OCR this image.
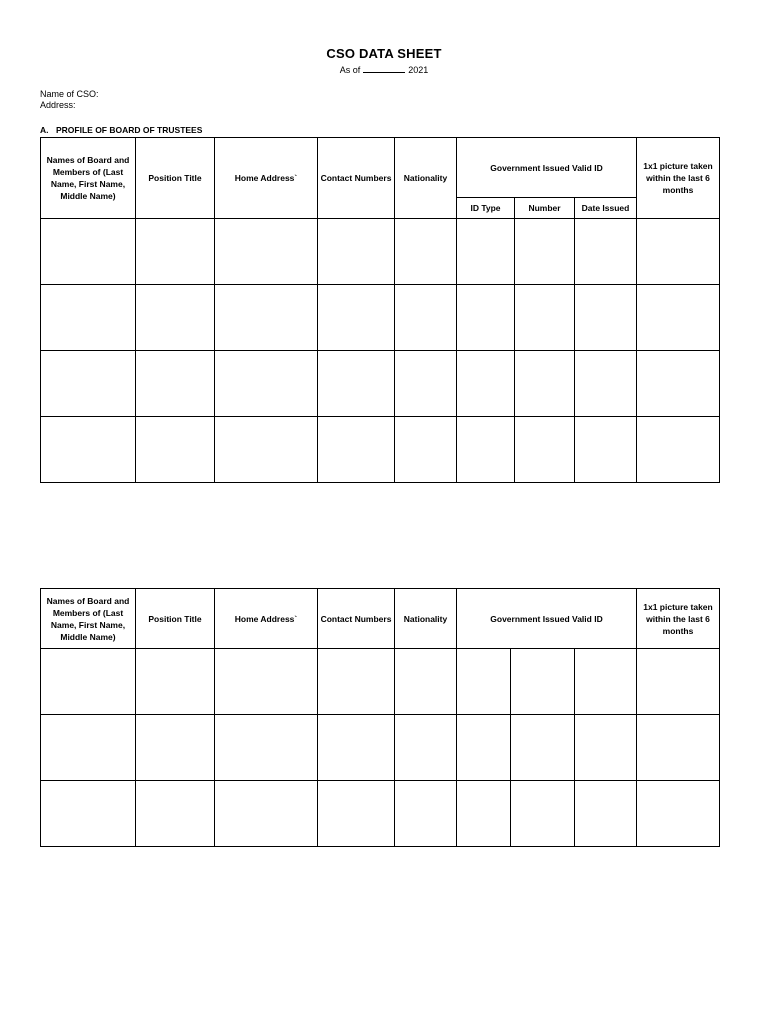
CSO DATA SHEET
As of	2021
Name of CSO:
Address:
A. PROFILE OF BOARD OF TRUSTEES
Names of Board and Members of (Last Name, First Name, Middle Name)	Position Title	Home Address`	Contact Numbers	Nationality	Government Issued Valid ID			1x1 picture taken within the last 6 months
					ID Type	Number	Date Issued	

Names of Board and Members of (Last Name, First Name, Middle Name)	Position Title	Home Address`	Contact Numbers	Nationality	Government Issued Valid ID			1x1 picture taken within the last 6 months
